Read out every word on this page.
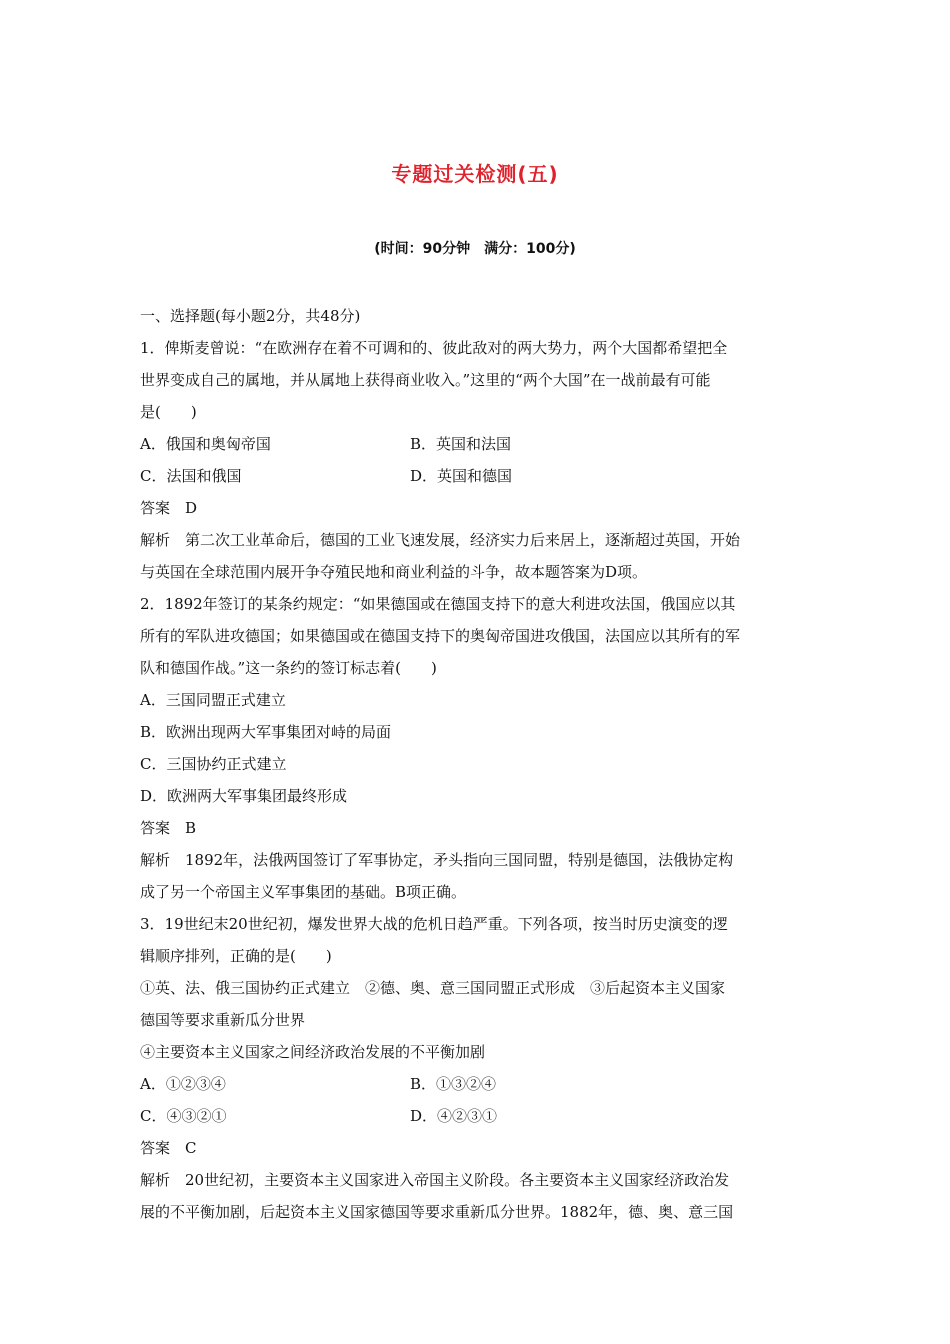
专题过关检测(五)
(时间：90分钟　满分：100分)
一、选择题(每小题2分，共48分)
1．俾斯麦曾说：“在欧洲存在着不可调和的、彼此敌对的两大势力，两个大国都希望把全
世界变成自己的属地，并从属地上获得商业收入。”这里的“两个大国”在一战前最有可能
是(　　)
A．俄国和奥匈帝国	B．英国和法国
C．法国和俄国	D．英国和德国
答案　D
解析　第二次工业革命后，德国的工业飞速发展，经济实力后来居上，逐渐超过英国，开始
与英国在全球范围内展开争夺殖民地和商业利益的斗争，故本题答案为D项。
2．1892年签订的某条约规定：“如果德国或在德国支持下的意大利进攻法国，俄国应以其
所有的军队进攻德国；如果德国或在德国支持下的奥匈帝国进攻俄国，法国应以其所有的军
队和德国作战。”这一条约的签订标志着(　　)
A．三国同盟正式建立
B．欧洲出现两大军事集团对峙的局面
C．三国协约正式建立
D．欧洲两大军事集团最终形成
答案　B
解析　1892年，法俄两国签订了军事协定，矛头指向三国同盟，特别是德国，法俄协定构
成了另一个帝国主义军事集团的基础。B项正确。
3．19世纪末20世纪初，爆发世界大战的危机日趋严重。下列各项，按当时历史演变的逻
辑顺序排列，正确的是(　　)
①英、法、俄三国协约正式建立　②德、奥、意三国同盟正式形成　③后起资本主义国家
德国等要求重新瓜分世界
④主要资本主义国家之间经济政治发展的不平衡加剧
A．①②③④	B．①③②④
C．④③②①	D．④②③①
答案　C
解析　20世纪初，主要资本主义国家进入帝国主义阶段。各主要资本主义国家经济政治发
展的不平衡加剧，后起资本主义国家德国等要求重新瓜分世界。1882年，德、奥、意三国
